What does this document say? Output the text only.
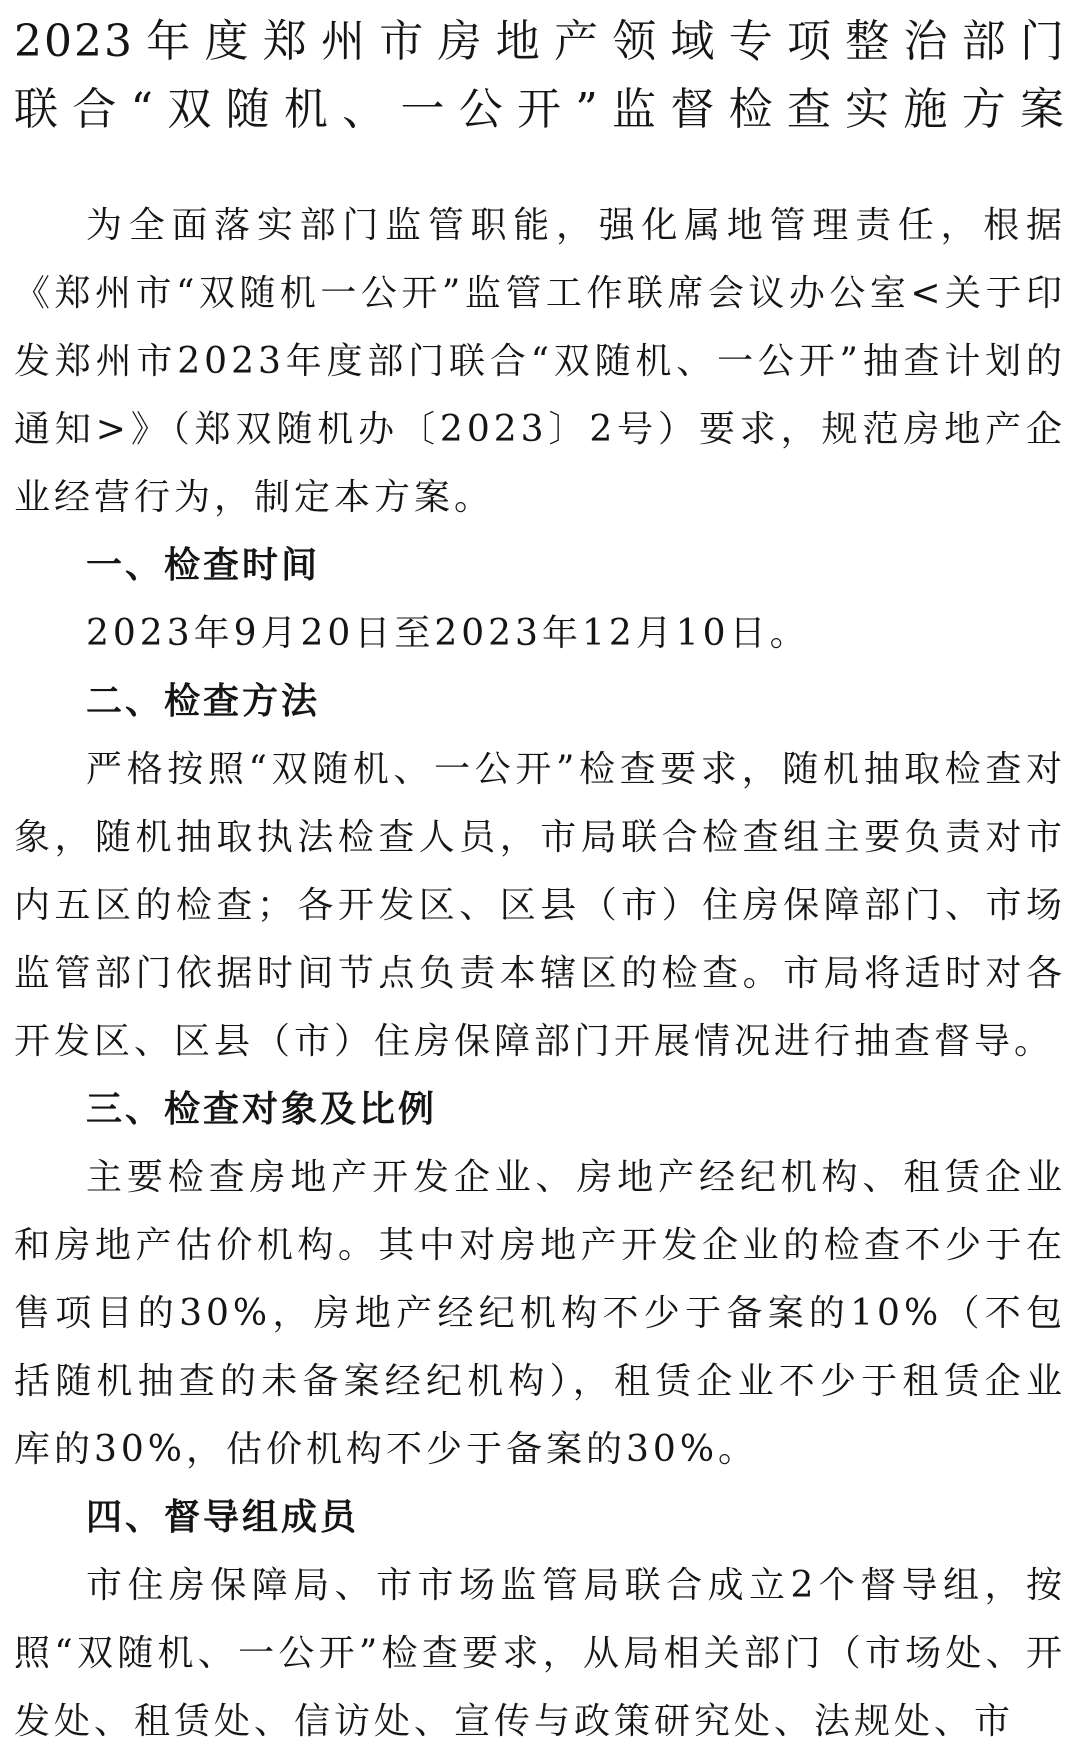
2023年度郑州市房地产领域专项整治部门
联合“双随机、一公开”监督检查实施方案

为全面落实部门监管职能，强化属地管理责任，根据《郑州市“双随机一公开”监管工作联席会议办公室<关于印发郑州市2023年度部门联合“双随机、一公开”抽查计划的通知>》（郑双随机办〔2023〕2号）要求，规范房地产企业经营行为，制定本方案。

一、检查时间

2023年9月20日至2023年12月10日。

二、检查方法

严格按照“双随机、一公开”检查要求，随机抽取检查对象，随机抽取执法检查人员，市局联合检查组主要负责对市内五区的检查；各开发区、区县（市）住房保障部门、市场监管部门依据时间节点负责本辖区的检查。市局将适时对各开发区、区县（市）住房保障部门开展情况进行抽查督导。

三、检查对象及比例

主要检查房地产开发企业、房地产经纪机构、租赁企业和房地产估价机构。其中对房地产开发企业的检查不少于在售项目的30%，房地产经纪机构不少于备案的10%（不包括随机抽查的未备案经纪机构），租赁企业不少于租赁企业库的30%，估价机构不少于备案的30%。

四、督导组成员

市住房保障局、市市场监管局联合成立2个督导组，按照“双随机、一公开”检查要求，从局相关部门（市场处、开发处、租赁处、信访处、宣传与政策研究处、法规处、市
